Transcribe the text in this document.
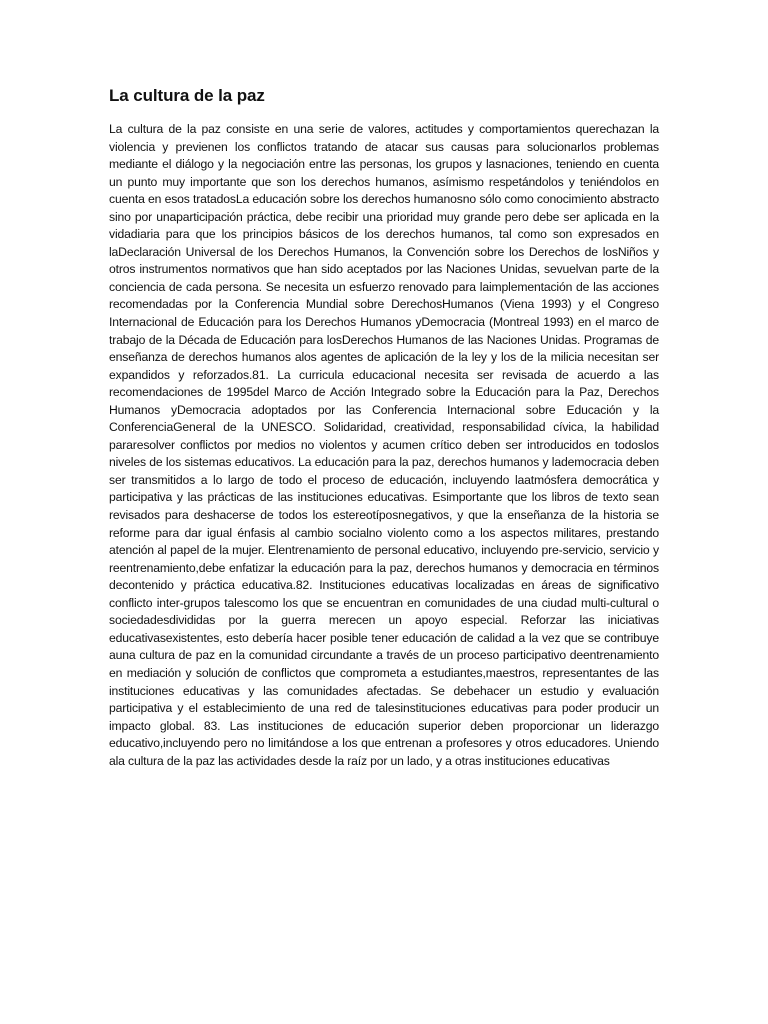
La cultura de la paz

La cultura de la paz consiste en una serie de valores, actitudes y comportamientos querechazan la violencia y previenen los conflictos tratando de atacar sus causas para solucionarlos problemas mediante el diálogo y la negociación entre las personas, los grupos y lasnaciones, teniendo en cuenta un punto muy importante que son los derechos humanos, asímismo respetándolos y teniéndolos en cuenta en esos tratadosLa educación sobre los derechos humanosno sólo como conocimiento abstracto sino por unaparticipación práctica, debe recibir una prioridad muy grande pero debe ser aplicada en la vidadiaria para que los principios básicos de los derechos humanos, tal como son expresados en laDeclaración Universal de los Derechos Humanos, la Convención sobre los Derechos de losNiños y otros instrumentos normativos que han sido aceptados por las Naciones Unidas, sevuelvan parte de la conciencia de cada persona. Se necesita un esfuerzo renovado para laimplementación de las acciones recomendadas por la Conferencia Mundial sobre DerechosHumanos (Viena 1993) y el Congreso Internacional de Educación para los Derechos Humanos yDemocracia (Montreal 1993) en el marco de trabajo de la Década de Educación para losDerechos Humanos de las Naciones Unidas. Programas de enseñanza de derechos humanos alos agentes de aplicación de la ley y los de la milicia necesitan ser expandidos y reforzados.81. La curricula educacional necesita ser revisada de acuerdo a las recomendaciones de 1995del Marco de Acción Integrado sobre la Educación para la Paz, Derechos Humanos yDemocracia adoptados por las Conferencia Internacional sobre Educación y la ConferenciaGeneral de la UNESCO. Solidaridad, creatividad, responsabilidad cívica, la habilidad pararesolver conflictos por medios no violentos y acumen crítico deben ser introducidos en todoslos niveles de los sistemas educativos. La educación para la paz, derechos humanos y lademocracia deben ser transmitidos a lo largo de todo el proceso de educación, incluyendo laatmósfera democrática y participativa y las prácticas de las instituciones educativas. Esimportante que los libros de texto sean revisados para deshacerse de todos los estereotíposnegativos, y que la enseñanza de la historia se reforme para dar igual énfasis al cambio socialno violento como a los aspectos militares, prestando atención al papel de la mujer. Elentrenamiento de personal educativo, incluyendo pre-servicio, servicio y reentrenamiento,debe enfatizar la educación para la paz, derechos humanos y democracia en términos decontenido y práctica educativa.82. Instituciones educativas localizadas en áreas de significativo conflicto inter-grupos talescomo los que se encuentran en comunidades de una ciudad multi-cultural o sociedadesdivididas por la guerra merecen un apoyo especial. Reforzar las iniciativas educativasexistentes, esto debería hacer posible tener educación de calidad a la vez que se contribuye auna cultura de paz en la comunidad circundante a través de un proceso participativo deentrenamiento en mediación y solución de conflictos que comprometa a estudiantes,maestros, representantes de las instituciones educativas y las comunidades afectadas. Se debehacer un estudio y evaluación participativa y el establecimiento de una red de talesinstituciones educativas para poder producir un impacto global. 83. Las instituciones de educación superior deben proporcionar un liderazgo educativo,incluyendo pero no limitándose a los que entrenan a profesores y otros educadores. Uniendo ala cultura de la paz las actividades desde la raíz por un lado, y a otras instituciones educativas
